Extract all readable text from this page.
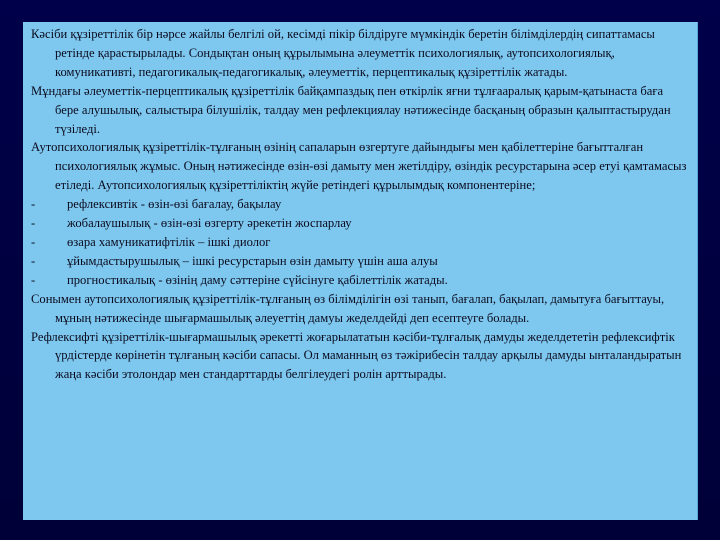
Кәсіби құзіреттілік бір нәрсе жайлы белгілі ой, кесімді пікір білдіруге мүмкіндік беретін білімділердің сипаттамасы ретінде қарастырылады. Сондықтан оның құрылымына әлеуметтік психологиялық, аутопсихологиялық, комуникативті, педагогикалық-педагогикалық, әлеуметтік, перцептикалық құзіреттілік жатады.

Мұндағы әлеуметтік-перцептикалық құзіреттілік байқампаздық пен өткірлік яғни тұлғааралық қарым-қатынаста баға бере алушылық, салыстыра білушілік, талдау мен рефлекциялау нәтижесінде басқаның образын қалыптастырудан түзіледі.

Аутопсихологиялық құзіреттілік-тұлғаның өзінің сапаларын өзгертуге дайындығы мен қабілеттеріне бағытталған психологиялық жұмыс. Оның нәтижесінде өзін-өзі дамыту мен жетілдіру, өзіндік ресурстарына әсер етуі қамтамасыз етіледі. Аутопсихологиялық құзіреттіліктің жүйе ретіндегі құрылымдық компонентеріне;

-	рефлексивтік - өзін-өзі бағалау, бақылау
-	жобалаушылық - өзін-өзі өзгерту әрекетін жоспарлау
-	өзара хамуникатифтілік – ішкі диолог
-	ұйымдастырушылық – ішкі ресурстарын өзін дамыту үшін аша алуы
-	прогностикалық - өзінің даму сәттеріне сүйсінуге қабілеттілік жатады.

Сонымен аутопсихологиялық құзіреттілік-тұлғаның өз білімділігін өзі танып, бағалап, бақылап, дамытуға бағыттауы, мұның нәтижесінде шығармашылық әлеуеттің дамуы жеделдейді деп есептеуге болады.

Рефлексифті құзіреттілік-шығармашылық әрекетті жоғарылататын кәсіби-тұлғалық дамуды жеделдететін рефлексифтік үрдістерде көрінетін тұлғаның кәсіби сапасы. Ол маманның өз тәжірибесін талдау арқылы дамуды ынталандыратын жаңа кәсіби этолондар мен стандарттарды белгілеудегі ролін арттырады.
